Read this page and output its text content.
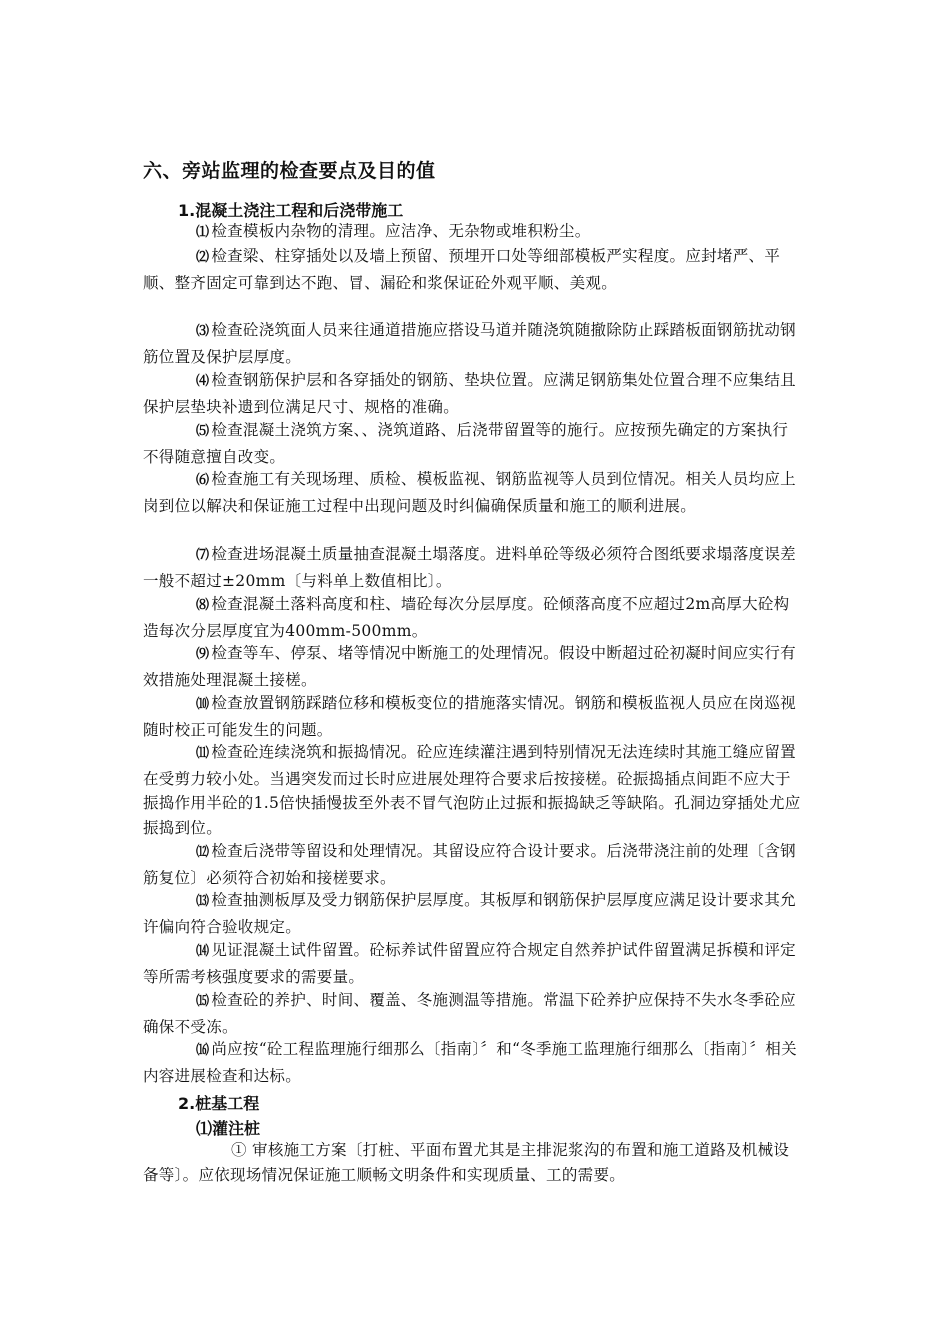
六、旁站监理的检查要点及目的值
1.混凝土浇注工程和后浇带施工

⑴ 检查模板内杂物的清理。应洁净、无杂物或堆积粉尘。

⑵ 检查梁、柱穿插处以及墙上预留、预埋开口处等细部模板严实程度。应封堵严、平顺、整齐固定可靠到达不跑、冒、漏砼和浆保证砼外观平顺、美观。

⑶ 检查砼浇筑面人员来往通道措施应搭设马道并随浇筑随撤除防止踩踏板面钢筋扰动钢筋位置及保护层厚度。

⑷ 检查钢筋保护层和各穿插处的钢筋、垫块位置。应满足钢筋集处位置合理不应集结且保护层垫块补遗到位满足尺寸、规格的准确。

⑸ 检查混凝土浇筑方案、、浇筑道路、后浇带留置等的施行。应按预先确定的方案执行不得随意擅自改变。

⑹ 检查施工有关现场理、质检、模板监视、钢筋监视等人员到位情况。相关人员均应上岗到位以解决和保证施工过程中出现问题及时纠偏确保质量和施工的顺利进展。

⑺ 检查进场混凝土质量抽查混凝土塌落度。进料单砼等级必须符合图纸要求塌落度误差一般不超过±20mm〔与料单上数值相比〕。

⑻ 检查混凝土落料高度和柱、墙砼每次分层厚度。砼倾落高度不应超过2m高厚大砼构造每次分层厚度宜为400mm-500mm。

⑼ 检查等车、停泵、堵等情况中断施工的处理情况。假设中断超过砼初凝时间应实行有效措施处理混凝土接槎。

⑽ 检查放置钢筋踩踏位移和模板变位的措施落实情况。钢筋和模板监视人员应在岗巡视随时校正可能发生的问题。

⑾ 检查砼连续浇筑和振捣情况。砼应连续灌注遇到特别情况无法连续时其施工缝应留置在受剪力较小处。当遇突发而过长时应进展处理符合要求后按接槎。砼振捣插点间距不应大于振捣作用半砼的1.5倍快插慢拔至外表不冒气泡防止过振和振捣缺乏等缺陷。孔洞边穿插处尤应振捣到位。

⑿ 检查后浇带等留设和处理情况。其留设应符合设计要求。后浇带浇注前的处理〔含钢筋复位〕必须符合初始和接槎要求。

⒀ 检查抽测板厚及受力钢筋保护层厚度。其板厚和钢筋保护层厚度应满足设计要求其允许偏向符合验收规定。

⒁ 见证混凝土试件留置。砼标养试件留置应符合规定自然养护试件留置满足拆模和评定等所需考核强度要求的需要量。

⒂ 检查砼的养护、时间、覆盖、冬施测温等措施。常温下砼养护应保持不失水冬季砼应确保不受冻。

⒃ 尚应按“砼工程监理施行细那么〔指南〕〞和“冬季施工监理施行细那么〔指南〕〞相关内容进展检查和达标。

2.桩基工程
⑴灌注桩

① 审核施工方案〔打桩、平面布置尤其是主排泥浆沟的布置和施工道路及机械设备等〕。应依现场情况保证施工顺畅文明条件和实现质量、工的需要。
